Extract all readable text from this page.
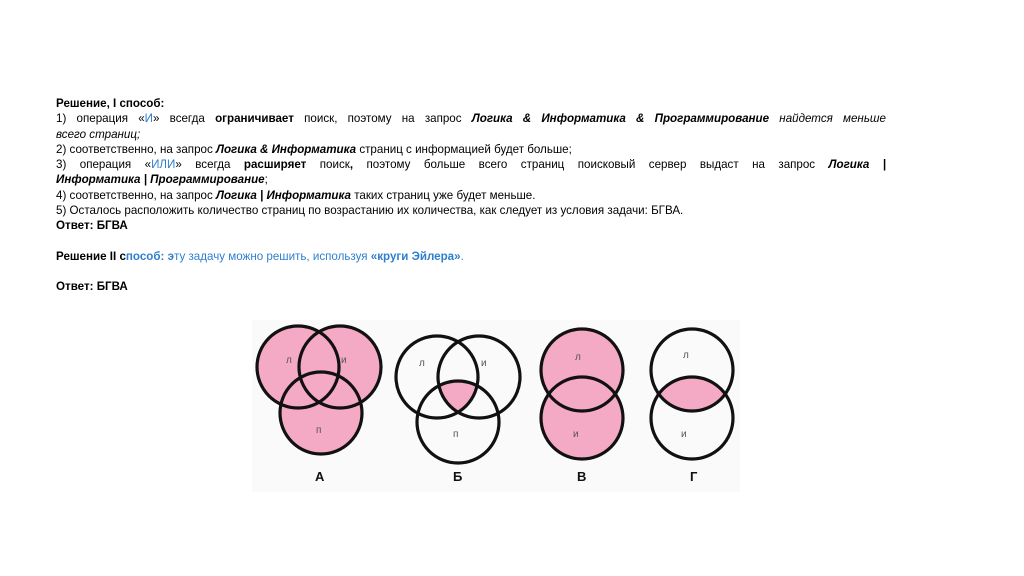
Решение, I способ:
1) операция «И» всегда ограничивает поиск, поэтому на запрос Логика & Информатика & Программирование найдется меньше
всего страниц;
2) соответственно, на запрос Логика & Информатика страниц с информацией будет больше;
3) операция «ИЛИ» всегда расширяет поиск, поэтому больше всего страниц поисковый сервер выдаст на запрос Логика |
Информатика | Программирование;
4) соответственно, на запрос Логика | Информатика таких страниц уже будет меньше.
5) Осталось расположить количество страниц по возрастанию их количества, как следует из условия задачи: БГВА.
Ответ: БГВА
Решение II способ: эту задачу можно решить, используя «круги Эйлера».
Ответ: БГВА
л	и
п
А
л	и
п
Б
л
и
В
л
и
Г
